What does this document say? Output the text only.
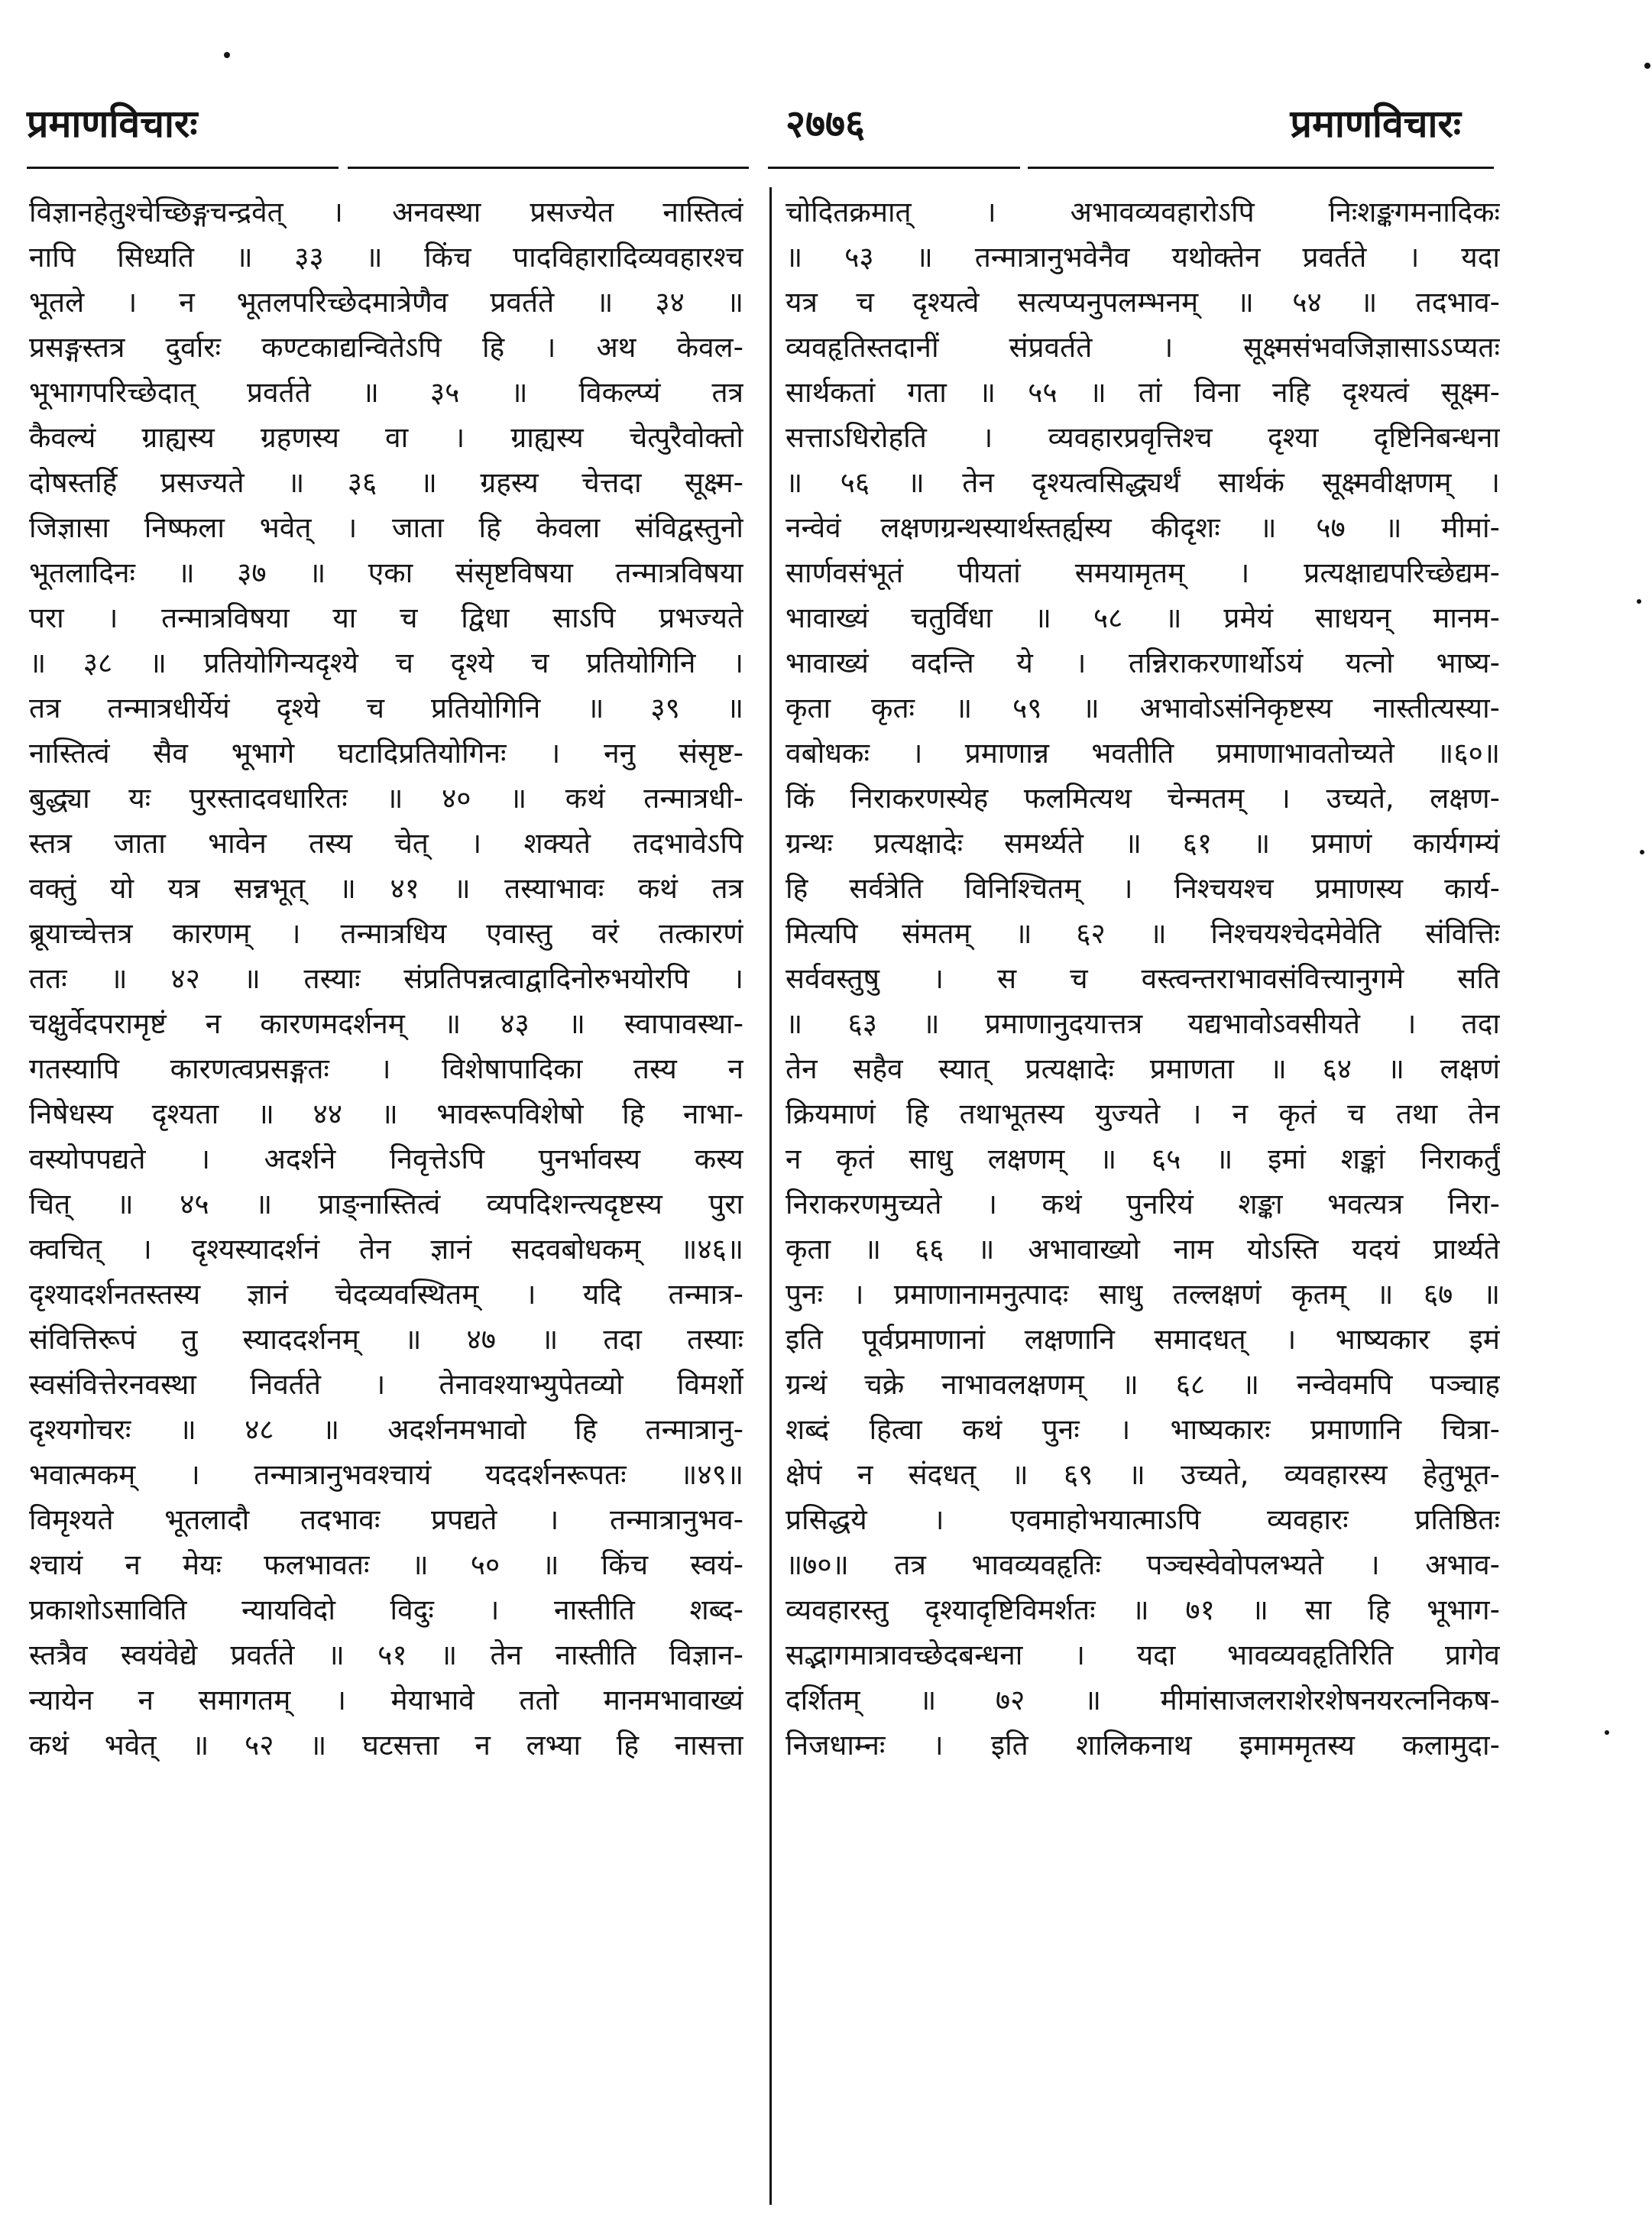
प्रमाणविचारः	२७७६	प्रमाणविचारः
विज्ञानहेतुश्चेच्छिङ्गचन्द्रवेत् । अनवस्था प्रसज्येत नास्तित्वं
नापि सिध्यति ॥ ३३ ॥ किंच पादविहारादिव्यवहारश्च
भूतले । न भूतलपरिच्छेदमात्रेणैव प्रवर्तते ॥ ३४ ॥
प्रसङ्गस्तत्र दुर्वारः कण्टकाद्यन्वितेऽपि हि । अथ केवल-
भूभागपरिच्छेदात् प्रवर्तते ॥ ३५ ॥ विकल्प्यं तत्र
कैवल्यं ग्राह्यस्य ग्रहणस्य वा । ग्राह्यस्य चेत्पुरैवोक्तो
दोषस्तर्हि प्रसज्यते ॥ ३६ ॥ ग्रहस्य चेत्तदा सूक्ष्म-
जिज्ञासा निष्फला भवेत् । जाता हि केवला संविद्वस्तुनो
भूतलादिनः ॥ ३७ ॥ एका संसृष्टविषया तन्मात्रविषया
परा । तन्मात्रविषया या च द्विधा साऽपि प्रभज्यते
॥ ३८ ॥ प्रतियोगिन्यदृश्ये च दृश्ये च प्रतियोगिनि ।
तत्र तन्मात्रधीर्येयं दृश्ये च प्रतियोगिनि ॥ ३९ ॥
नास्तित्वं सैव भूभागे घटादिप्रतियोगिनः । ननु संसृष्ट-
बुद्ध्या यः पुरस्तादवधारितः ॥ ४० ॥ कथं तन्मात्रधी-
स्तत्र जाता भावेन तस्य चेत् । शक्यते तदभावेऽपि
वक्तुं यो यत्र सन्नभूत् ॥ ४१ ॥ तस्याभावः कथं तत्र
ब्रूयाच्चेत्तत्र कारणम् । तन्मात्रधिय एवास्तु वरं तत्कारणं
ततः ॥ ४२ ॥ तस्याः संप्रतिपन्नत्वाद्वादिनोरुभयोरपि ।
चक्षुर्वेदपरामृष्टं न कारणमदर्शनम् ॥ ४३ ॥ स्वापावस्था-
गतस्यापि कारणत्वप्रसङ्गतः । विशेषापादिका तस्य न
निषेधस्य दृश्यता ॥ ४४ ॥ भावरूपविशेषो हि नाभा-
वस्योपपद्यते । अदर्शने निवृत्तेऽपि पुनर्भावस्य कस्य
चित् ॥ ४५ ॥ प्राङ्नास्तित्वं व्यपदिशन्त्यदृष्टस्य पुरा
क्वचित् । दृश्यस्यादर्शनं तेन ज्ञानं सदवबोधकम् ॥४६॥
दृश्यादर्शनतस्तस्य ज्ञानं चेदव्यवस्थितम् । यदि तन्मात्र-
संवित्तिरूपं तु स्याददर्शनम् ॥ ४७ ॥ तदा तस्याः
स्वसंवित्तेरनवस्था निवर्तते । तेनावश्याभ्युपेतव्यो विमर्शो
दृश्यगोचरः ॥ ४८ ॥ अदर्शनमभावो हि तन्मात्रानु-
भवात्मकम् । तन्मात्रानुभवश्चायं यददर्शनरूपतः ॥४९॥
विमृश्यते भूतलादौ तदभावः प्रपद्यते । तन्मात्रानुभव-
श्चायं न मेयः फलभावतः ॥ ५० ॥ किंच स्वयं-
प्रकाशोऽसाविति न्यायविदो विदुः । नास्तीति शब्द-
स्तत्रैव स्वयंवेद्ये प्रवर्तते ॥ ५१ ॥ तेन नास्तीति विज्ञान-
न्यायेन न समागतम् । मेयाभावे ततो मानमभावाख्यं
कथं भवेत् ॥ ५२ ॥ घटसत्ता न लभ्या हि नासत्ता
चोदितक्रमात् । अभावव्यवहारोऽपि निःशङ्कगमनादिकः
॥ ५३ ॥ तन्मात्रानुभवेनैव यथोक्तेन प्रवर्तते । यदा
यत्र च दृश्यत्वे सत्यप्यनुपलम्भनम् ॥ ५४ ॥ तदभाव-
व्यवहृतिस्तदानीं संप्रवर्तते । सूक्ष्मसंभवजिज्ञासाऽऽप्यतः
सार्थकतां गता ॥ ५५ ॥ तां विना नहि दृश्यत्वं सूक्ष्म-
सत्ताऽधिरोहति । व्यवहारप्रवृत्तिश्च दृश्या दृष्टिनिबन्धना
॥ ५६ ॥ तेन दृश्यत्वसिद्ध्यर्थं सार्थकं सूक्ष्मवीक्षणम् ।
नन्वेवं लक्षणग्रन्थस्यार्थस्तर्ह्यस्य कीदृशः ॥ ५७ ॥ मीमां-
सार्णवसंभूतं पीयतां समयामृतम् । प्रत्यक्षाद्यपरिच्छेद्यम-
भावाख्यं चतुर्विधा ॥ ५८ ॥ प्रमेयं साधयन् मानम-
भावाख्यं वदन्ति ये । तन्निराकरणार्थोऽयं यत्नो भाष्य-
कृता कृतः ॥ ५९ ॥ अभावोऽसंनिकृष्टस्य नास्तीत्यस्या-
वबोधकः । प्रमाणान्न भवतीति प्रमाणाभावतोच्यते ॥६०॥
किं निराकरणस्येह फलमित्यथ चेन्मतम् । उच्यते, लक्षण-
ग्रन्थः प्रत्यक्षादेः समर्थ्यते ॥ ६१ ॥ प्रमाणं कार्यगम्यं
हि सर्वत्रेति विनिश्चितम् । निश्चयश्च प्रमाणस्य कार्य-
मित्यपि संमतम् ॥ ६२ ॥ निश्चयश्चेदमेवेति संवित्तिः
सर्ववस्तुषु । स च वस्त्वन्तराभावसंवित्त्यानुगमे सति
॥ ६३ ॥ प्रमाणानुदयात्तत्र यद्यभावोऽवसीयते । तदा
तेन सहैव स्यात् प्रत्यक्षादेः प्रमाणता ॥ ६४ ॥ लक्षणं
क्रियमाणं हि तथाभूतस्य युज्यते । न कृतं च तथा तेन
न कृतं साधु लक्षणम् ॥ ६५ ॥ इमां शङ्कां निराकर्तुं
निराकरणमुच्यते । कथं पुनरियं शङ्का भवत्यत्र निरा-
कृता ॥ ६६ ॥ अभावाख्यो नाम योऽस्ति यदयं प्रार्थ्यते
पुनः । प्रमाणानामनुत्पादः साधु तल्लक्षणं कृतम् ॥ ६७ ॥
इति पूर्वप्रमाणानां लक्षणानि समादधत् । भाष्यकार इमं
ग्रन्थं चक्रे नाभावलक्षणम् ॥ ६८ ॥ नन्वेवमपि पञ्चाह
शब्दं हित्वा कथं पुनः । भाष्यकारः प्रमाणानि चित्रा-
क्षेपं न संदधत् ॥ ६९ ॥ उच्यते, व्यवहारस्य हेतुभूत-
प्रसिद्धये । एवमाहोभयात्माऽपि व्यवहारः प्रतिष्ठितः
॥७०॥ तत्र भावव्यवहृतिः पञ्चस्वेवोपलभ्यते । अभाव-
व्यवहारस्तु दृश्यादृष्टिविमर्शतः ॥ ७१ ॥ सा हि भूभाग-
सद्भागमात्रावच्छेदबन्धना । यदा भावव्यवहृतिरिति प्रागेव
दर्शितम् ॥ ७२ ॥ मीमांसाजलराशेरशेषनयरत्ननिकष-
निजधाम्नः । इति शालिकनाथ इमाममृतस्य कलामुदा-
